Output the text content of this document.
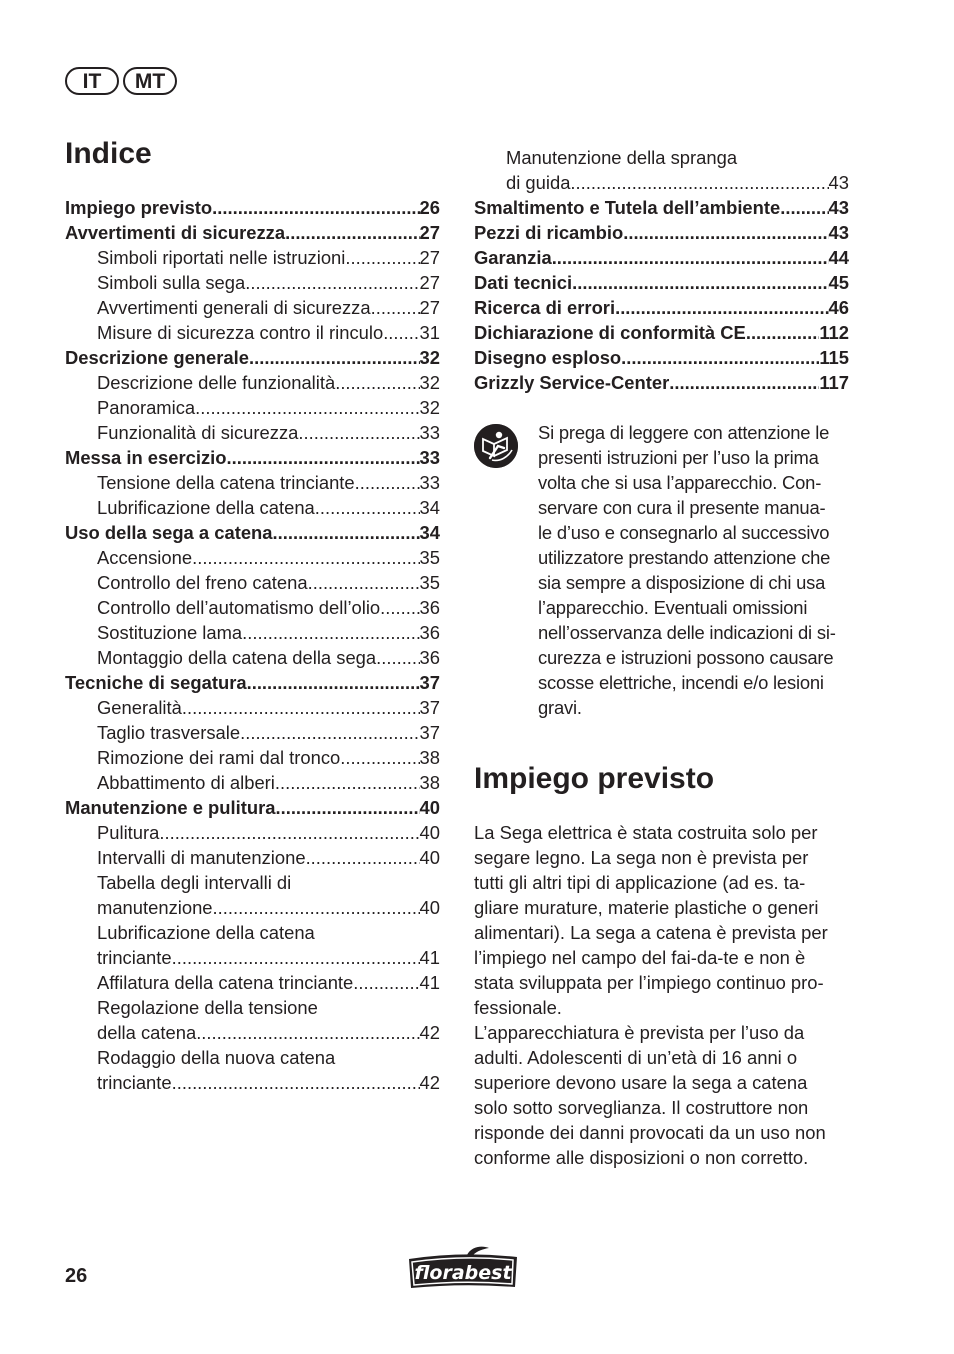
IT	MT
Indice
Impiego previsto .....	26
Avvertimenti di sicurezza .....	27
Simboli riportati nelle istruzioni .....	27
Simboli sulla sega .....	27
Avvertimenti generali di sicurezza .....	27
Misure di sicurezza contro il rinculo ..... 31
Descrizione generale .....	32
Descrizione delle funzionalità .....	32
Panoramica .....	32
Funzionalità di sicurezza .....	33
Messa in esercizio .....	33
Tensione della catena trinciante .....	33
Lubrificazione della catena .....	34
Uso della sega a catena .....	34
Accensione .....	35
Controllo del freno catena .....	35
Controllo dell’automatismo dell’olio ..... 36
Sostituzione lama .....	36
Montaggio della catena della sega ..... 36
Tecniche di segatura .....	37
Generalità .....	37
Taglio trasversale .....	37
Rimozione dei rami dal tronco .....	38
Abbattimento di alberi .....	38
Manutenzione e pulitura .....	40
Pulitura .....	40
Intervalli di manutenzione .....	40
Tabella degli intervalli di
manutenzione .....	40
Lubrificazione della catena
trinciante .....	41
Affilatura della catena trinciante .....	41
Regolazione della tensione
della catena .....	42
Rodaggio della nuova catena
trinciante .....	42
Manutenzione della spranga
di guida .....	43
Smaltimento e Tutela dell’ambiente .....	43
Pezzi di ricambio .....	43
Garanzia .....	44
Dati tecnici .....	45
Ricerca di errori .....	46
Dichiarazione di conformità CE .....	112
Disegno esploso .....	115
Grizzly Service-Center .....	117
Si prega di leggere con attenzione le
presenti istruzioni per l’uso la prima
volta che si usa l’apparecchio. Con-
servare con cura il presente manua-
le d’uso e consegnarlo al successivo
utilizzatore prestando attenzione che
sia sempre a disposizione di chi usa
l’apparecchio. Eventuali omissioni
nell’osservanza delle indicazioni di si-
curezza e istruzioni possono causare
scosse elettriche, incendi e/o lesioni
gravi.
Impiego previsto
La Sega elettrica è stata costruita solo per
segare legno. La sega non è prevista per
tutti gli altri tipi di applicazione (ad es. ta-
gliare murature, materie plastiche o generi
alimentari). La sega a catena è prevista per
l’impiego nel campo del fai-da-te e non è
stata sviluppata per l’impiego continuo pro-
fessionale.
L’apparecchiatura è prevista per l’uso da
adulti. Adolescenti di un’età di 16 anni o
superiore devono usare la sega a catena
solo sotto sorveglianza. Il costruttore non
risponde dei danni provocati da un uso non
conforme alle disposizioni o non corretto.
26	florabest
